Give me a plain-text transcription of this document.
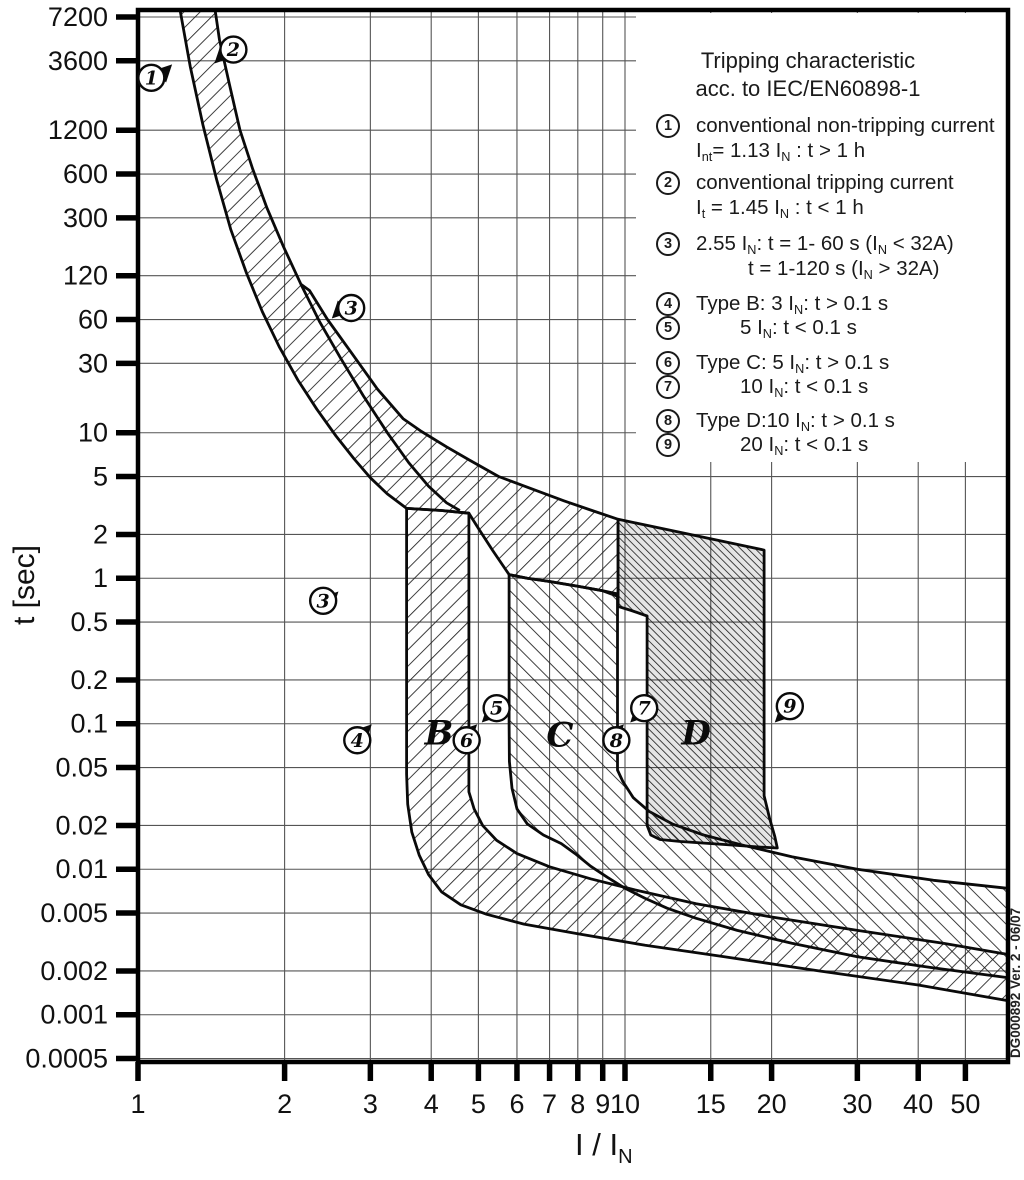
1	2	3 4 5 6 7 8 9 10 15 20 30 40 50
7200
3600
1200
600
300
120
60
30
10
5
2
1
0.5
0.2
0.1
0.05
0.02
0.01
0.005
0.002
0.001
0.0005
t [sec]
I / $I_N$
DG000892 Ver. 2 - 06/07
1
2
3
3
4
5
6
7
8
9
B	C	D
Tripping characteristic
acc. to IEC/EN60898-1
1	conventional non-tripping current
$I_{nt}= 1.13$ $I_N$ : t > 1 h
2	conventional tripping current
$I_t = 1.45$ $I_N$ : t < 1 h
3	2.55 $I_N$: t = 1- 60 s $(I_N < 32A)$
t = 1-120 s $(I_N > 32A)$
4	Type B: 3 $I_N$: t > 0.1 s
5	5 $I_N$: t < 0.1 s
6	Type C: 5 $I_N$: t > 0.1 s
7	10 $I_N$: t < 0.1 s
8	Type D:10 $I_N$: t > 0.1 s
9	20 $I_N$: t < 0.1 s
